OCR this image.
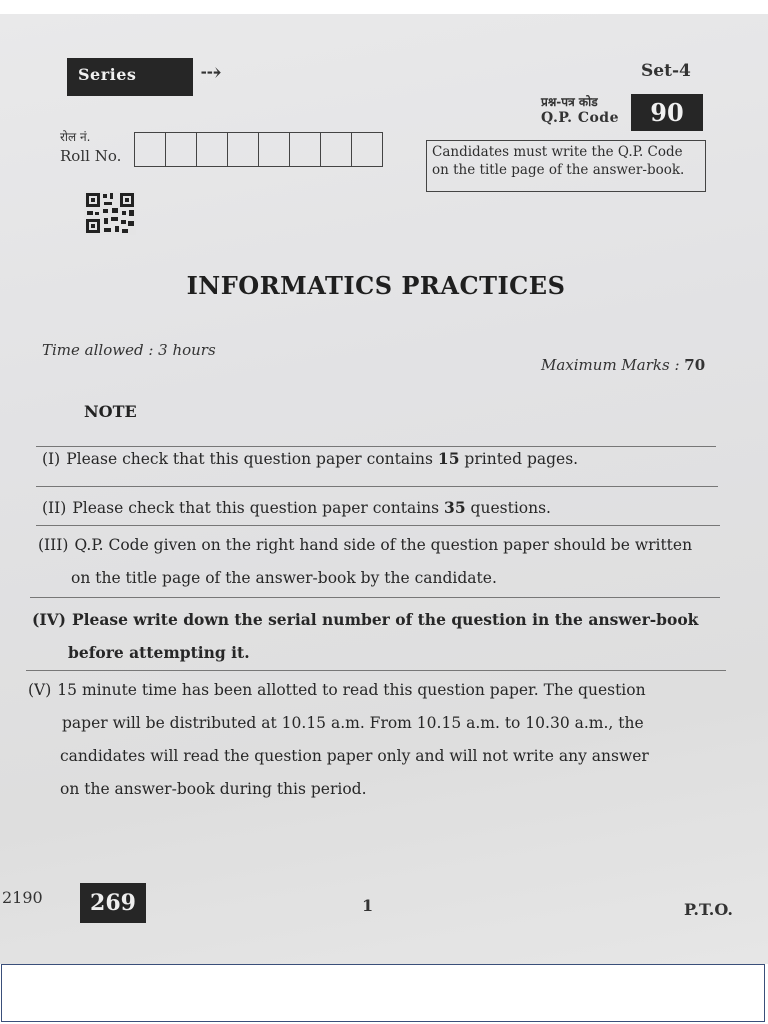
Series	⤏	Set-4
प्रश्न-पत्र कोड
Q.P. Code	90
रोल नं.
Roll No.	Candidates must write the Q.P. Code
on the title page of the answer-book.
INFORMATICS PRACTICES
Time allowed : 3 hours
Maximum Marks : 70
NOTE
(I) Please check that this question paper contains 15 printed pages.
(II) Please check that this question paper contains 35 questions.
(III) Q.P. Code given on the right hand side of the question paper should be written
on the title page of the answer-book by the candidate.
(IV) Please write down the serial number of the question in the answer-book
before attempting it.
(V) 15 minute time has been allotted to read this question paper. The question
paper will be distributed at 10.15 a.m. From 10.15 a.m. to 10.30 a.m., the
candidates will read the question paper only and will not write any answer
on the answer-book during this period.
2190	269	1	P.T.O.
